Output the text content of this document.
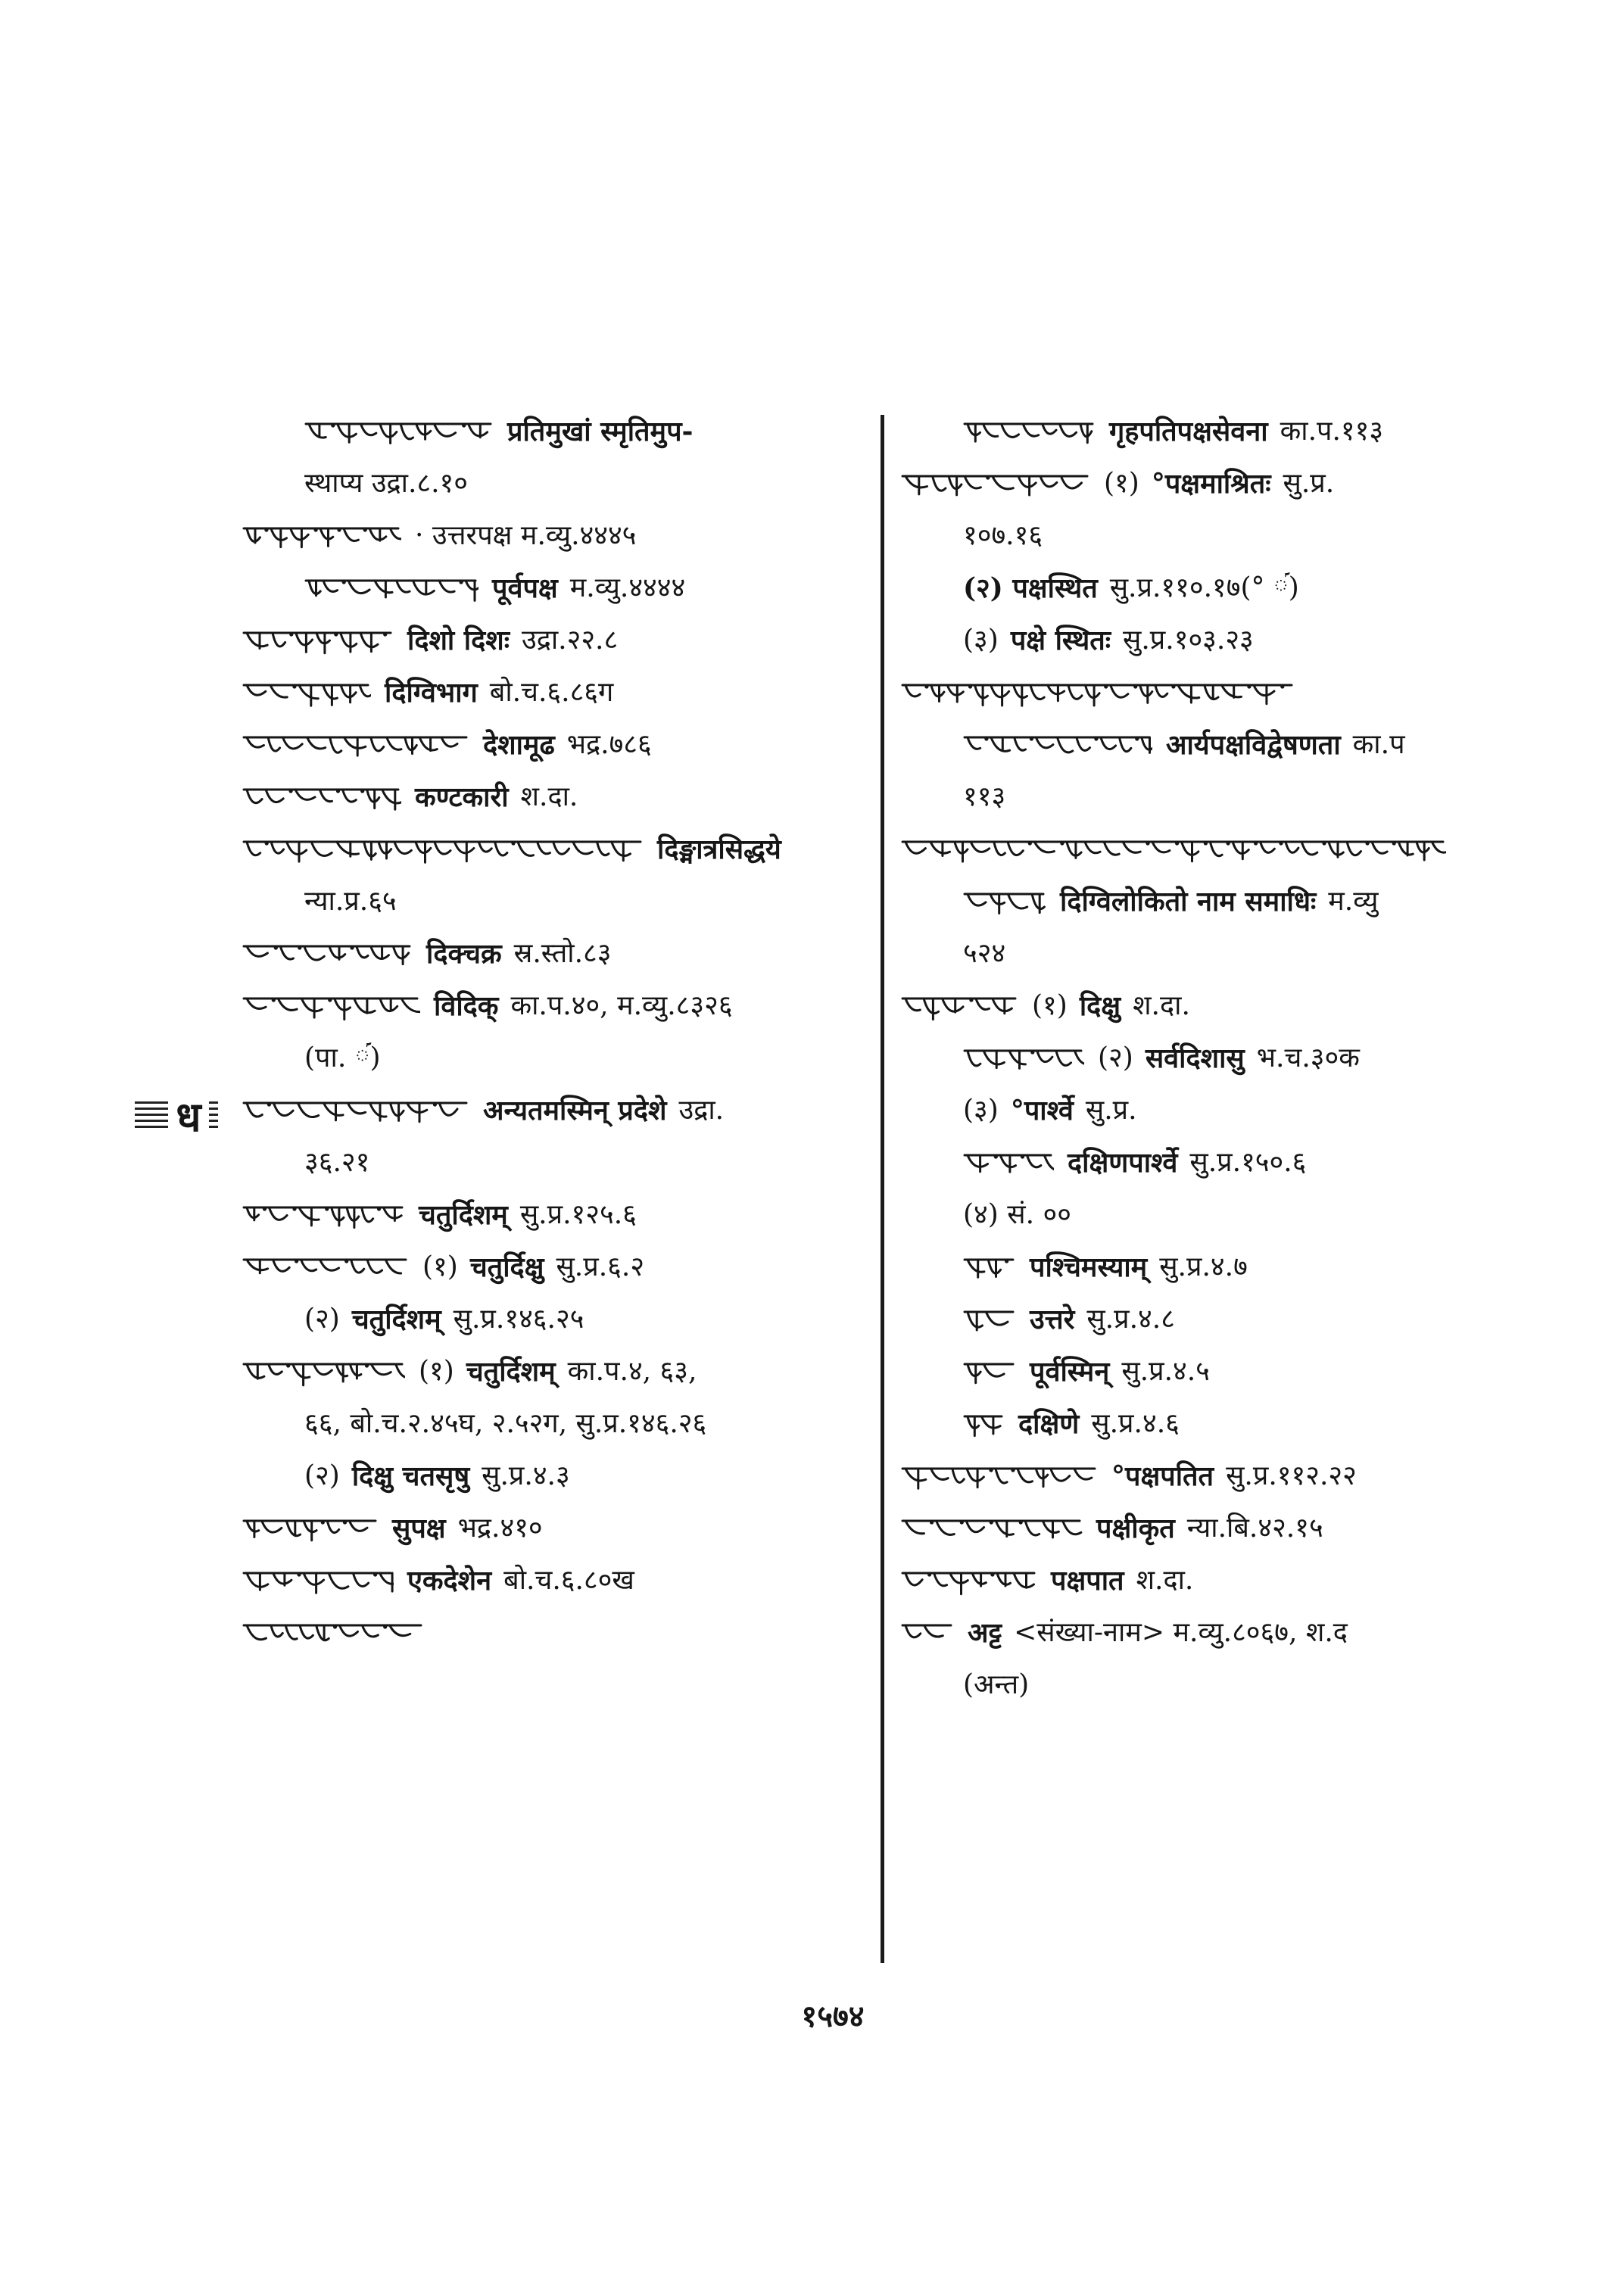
प्रतिमुखां स्मृतिमुप-
स्थाप्य उद्रा.८.१०
· उत्तरपक्ष म.व्यु.४४४५
पूर्वपक्ष म.व्यु.४४४४
दिशो दिशः उद्रा.२२.८
दिग्विभाग बो.च.६.८६ग
देशामूढ भद्र.७८६
कण्टकारी श.दा.
दिङ्मात्रसिद्धये
न्या.प्र.६५
दिक्चक्र स्र.स्तो.८३
विदिक् का.प.४०, म.व्यु.८३२६
(पा. ༹)
अन्यतमस्मिन् प्रदेशे उद्रा.
३६.२१
चतुर्दिशम् सु.प्र.१२५.६
(१) चतुर्दिक्षु सु.प्र.६.२
(२) चतुर्दिशम् सु.प्र.१४६.२५
(१) चतुर्दिशम् का.प.४, ६३,
६६, बो.च.२.४५घ, २.५२ग, सु.प्र.१४६.२६
(२) दिक्षु चतसृषु सु.प्र.४.३
सुपक्ष भद्र.४१०
एकदेशेन बो.च.६.८०ख
गृहपतिपक्षसेवना का.प.११३
(१) °पक्षमाश्रितः सु.प्र.
१०७.१६
(२) पक्षस्थित सु.प्र.११०.१७(° ༹)
(३) पक्षे स्थितः सु.प्र.१०३.२३
आर्यपक्षविद्वेषणता का.प
११३
दिग्विलोकितो नाम समाधिः म.व्यु
५२४
(१) दिक्षु श.दा.
(२) सर्वदिशासु भ.च.३०क
(३) °पार्श्वे सु.प्र.
दक्षिणपार्श्वे सु.प्र.१५०.६
(४) सं. ००
पश्चिमस्याम् सु.प्र.४.७
उत्तरे सु.प्र.४.८
पूर्वस्मिन् सु.प्र.४.५
दक्षिणे सु.प्र.४.६
°पक्षपतित सु.प्र.११२.२२
पक्षीकृत न्या.बि.४२.१५
पक्षपात श.दा.
अट्ट <संख्या-नाम> म.व्यु.८०६७, श.द
(अन्त)
ध
१५७४
